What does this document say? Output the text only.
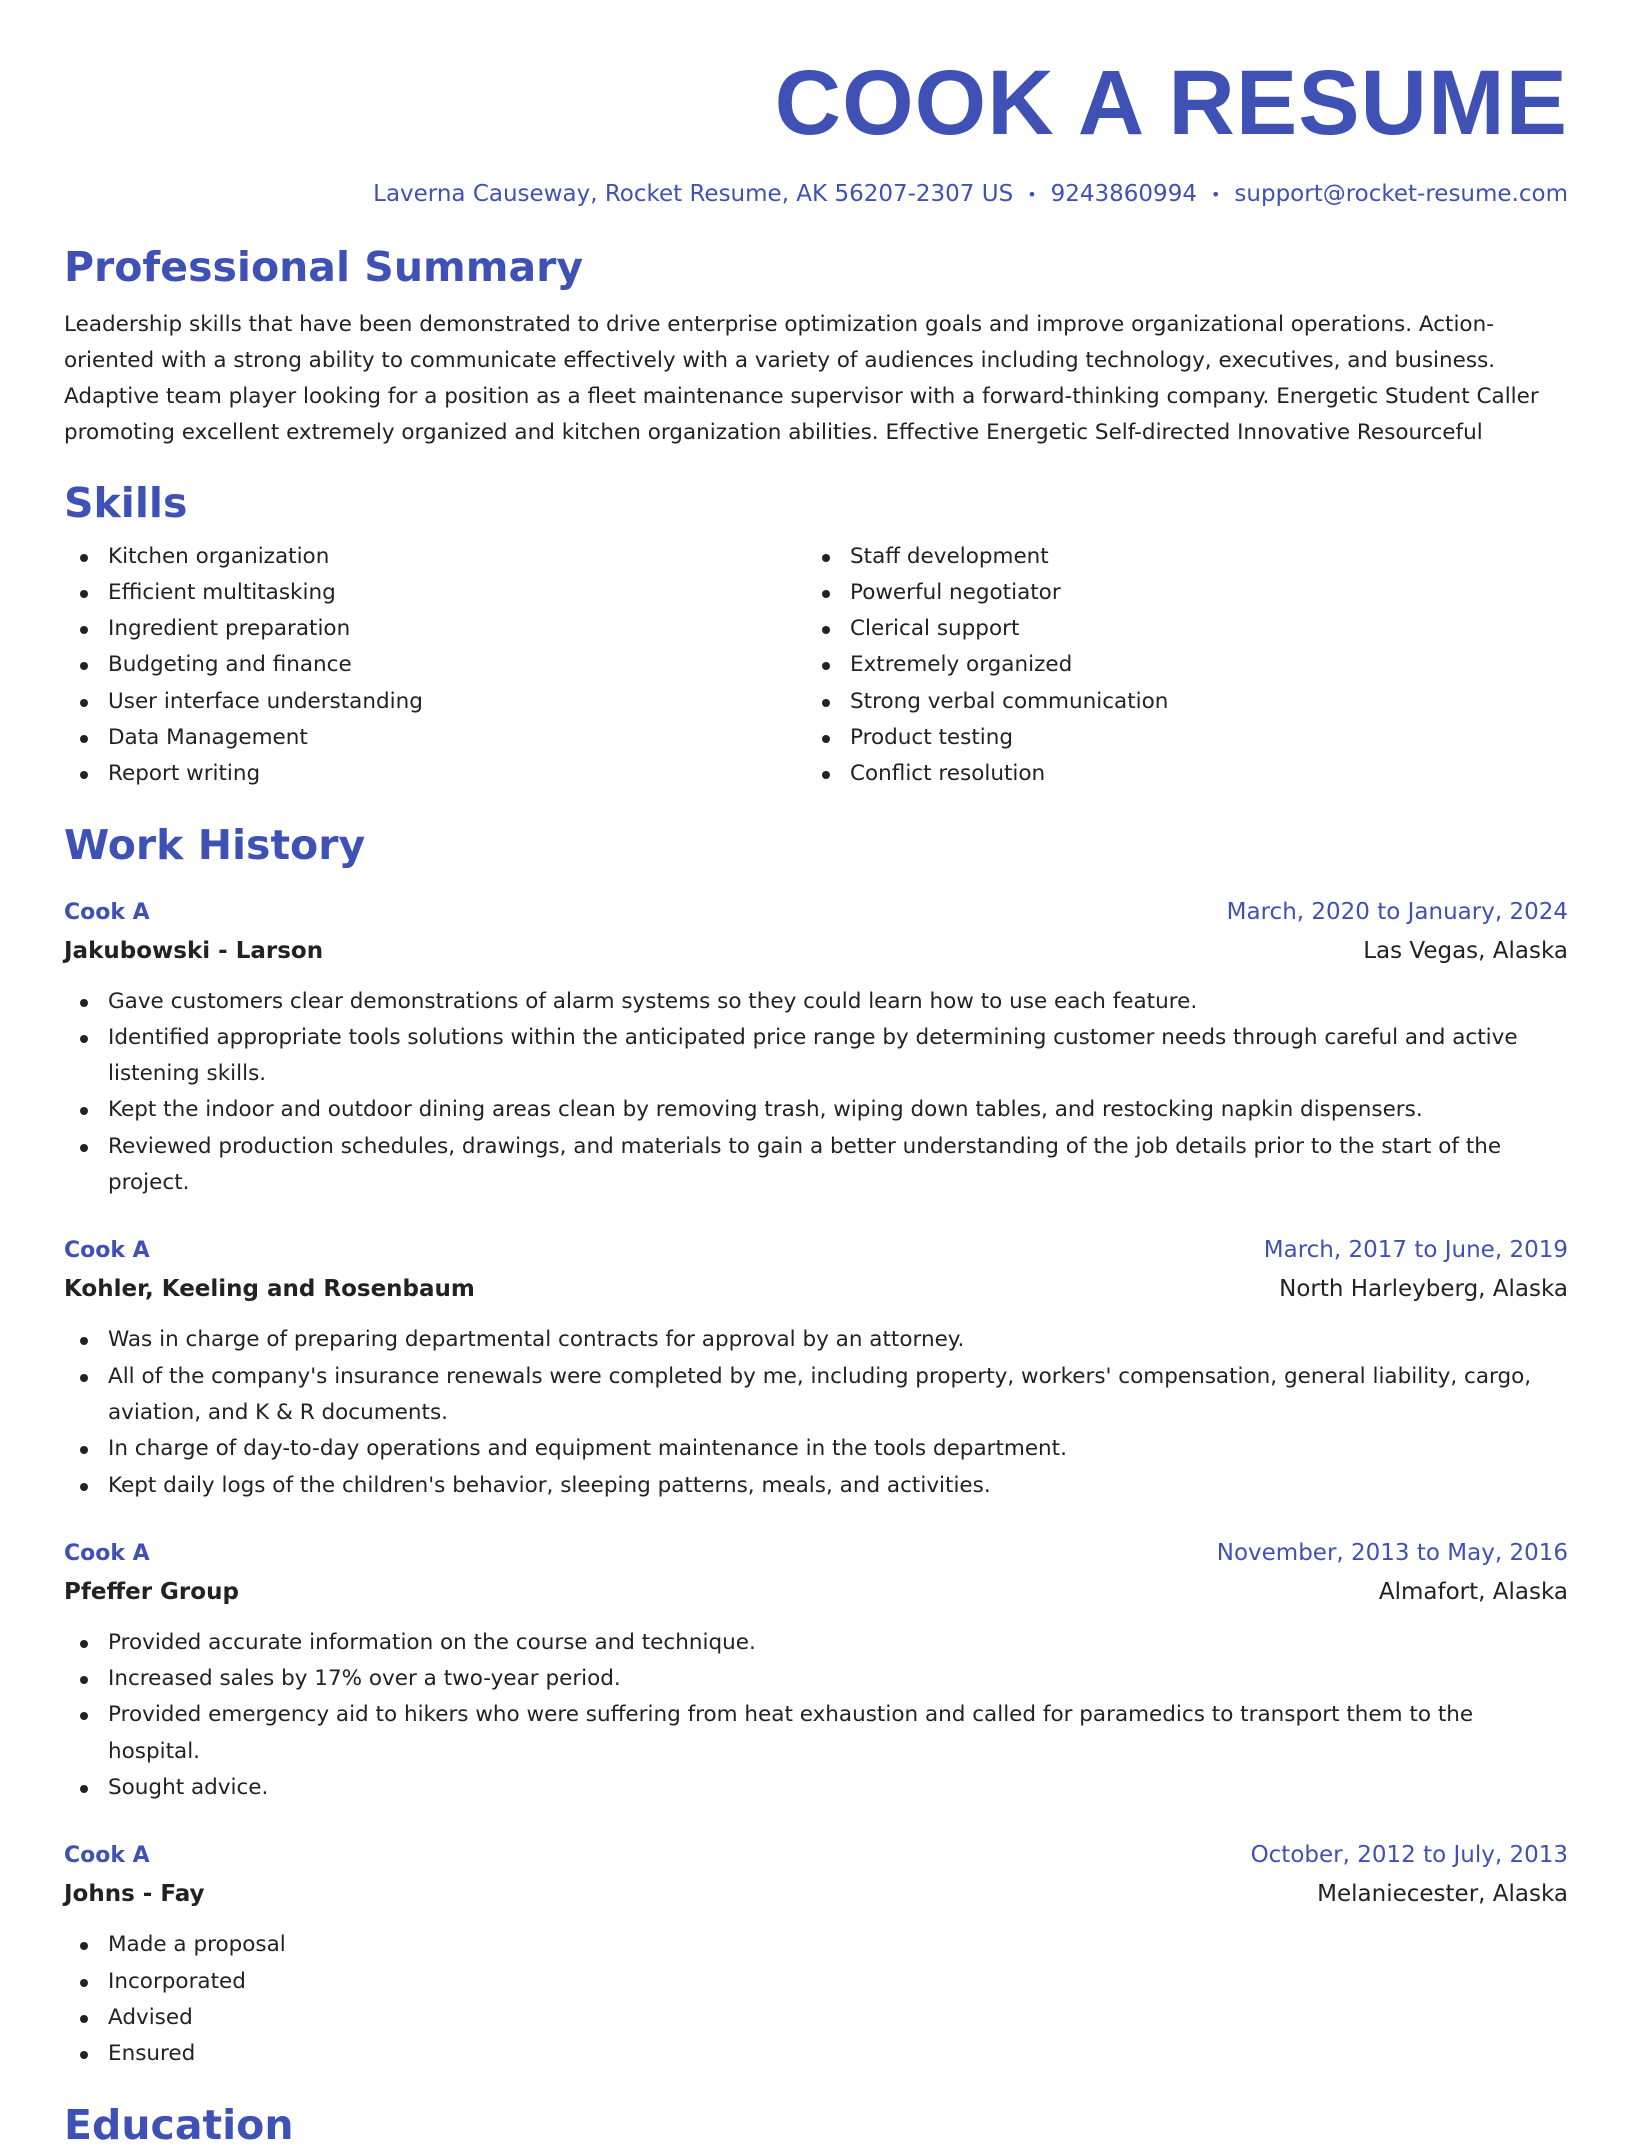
COOK A RESUME
Laverna Causeway, Rocket Resume, AK 56207-2307 US • 9243860994 • support@rocket-resume.com
Professional Summary

Leadership skills that have been demonstrated to drive enterprise optimization goals and improve organizational operations. Action-oriented with a strong ability to communicate effectively with a variety of audiences including technology, executives, and business. Adaptive team player looking for a position as a fleet maintenance supervisor with a forward-thinking company. Energetic Student Caller promoting excellent extremely organized and kitchen organization abilities. Effective Energetic Self-directed Innovative Resourceful

Skills
Kitchen organization
Efficient multitasking
Ingredient preparation
Budgeting and finance
User interface understanding
Data Management
Report writing
Staff development
Powerful negotiator
Clerical support
Extremely organized
Strong verbal communication
Product testing
Conflict resolution
Work History
Cook A	March, 2020 to January, 2024
Jakubowski - Larson	Las Vegas, Alaska
Gave customers clear demonstrations of alarm systems so they could learn how to use each feature.
Identified appropriate tools solutions within the anticipated price range by determining customer needs through careful and active listening skills.
Kept the indoor and outdoor dining areas clean by removing trash, wiping down tables, and restocking napkin dispensers.
Reviewed production schedules, drawings, and materials to gain a better understanding of the job details prior to the start of the project.
Cook A	March, 2017 to June, 2019
Kohler, Keeling and Rosenbaum	North Harleyberg, Alaska
Was in charge of preparing departmental contracts for approval by an attorney.
All of the company's insurance renewals were completed by me, including property, workers' compensation, general liability, cargo, aviation, and K & R documents.
In charge of day-to-day operations and equipment maintenance in the tools department.
Kept daily logs of the children's behavior, sleeping patterns, meals, and activities.
Cook A	November, 2013 to May, 2016
Pfeffer Group	Almafort, Alaska
Provided accurate information on the course and technique.
Increased sales by 17% over a two-year period.
Provided emergency aid to hikers who were suffering from heat exhaustion and called for paramedics to transport them to the hospital.
Sought advice.
Cook A	October, 2012 to July, 2013
Johns - Fay	Melaniecester, Alaska
Made a proposal
Incorporated
Advised
Ensured
Education
